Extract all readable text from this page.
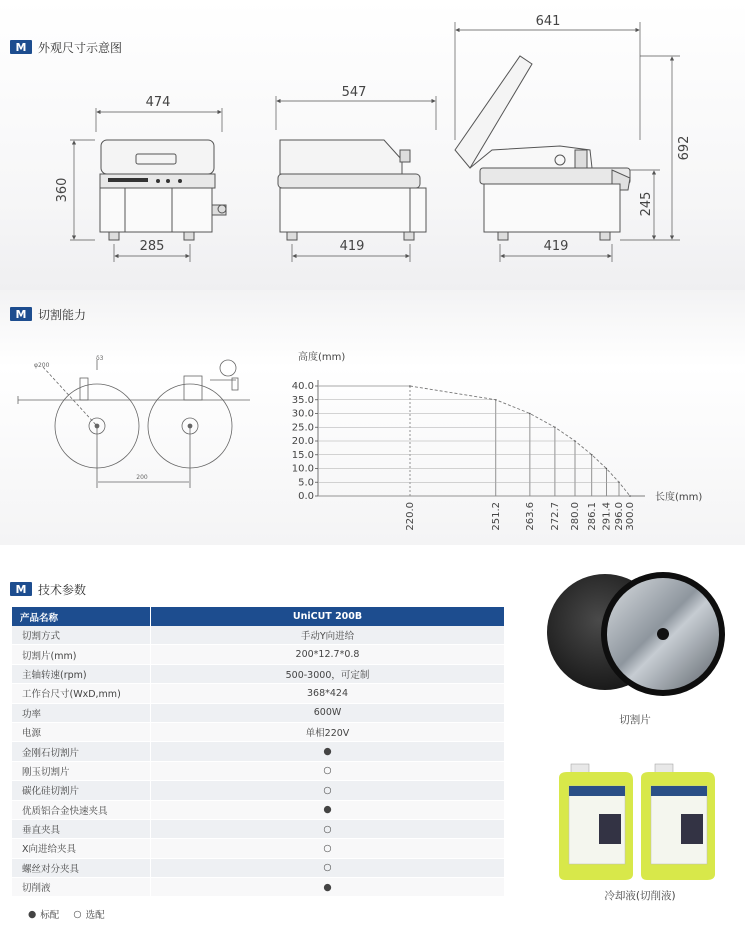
M 外观尺寸示意图
474
360
285
547
419
641
692
245
419
M 切割能力
φ200
δ3
200
高度(mm)
长度(mm)
40.0
35.0
30.0
25.0
20.0
15.0
10.0
5.0
0.0
220.0	251.2 263.6 272.7 280.0 286.1 291.4 296.0 300.0
M 技术参数
产品名称	UniCUT 200B
切割方式	手动Y向进给
切割片(mm)	200*12.7*0.8
主轴转速(rpm)	500-3000，可定制
工作台尺寸(WxD,mm)	368*424
功率	600W
电源	单相220V
金刚石切割片	●
刚玉切割片	○
碳化硅切割片	○
优质铝合金快速夹具	●
垂直夹具	○
X向进给夹具	○
螺丝对分夹具	○
切削液	●
● 标配 ○ 选配
切割片
冷却液(切削液)
